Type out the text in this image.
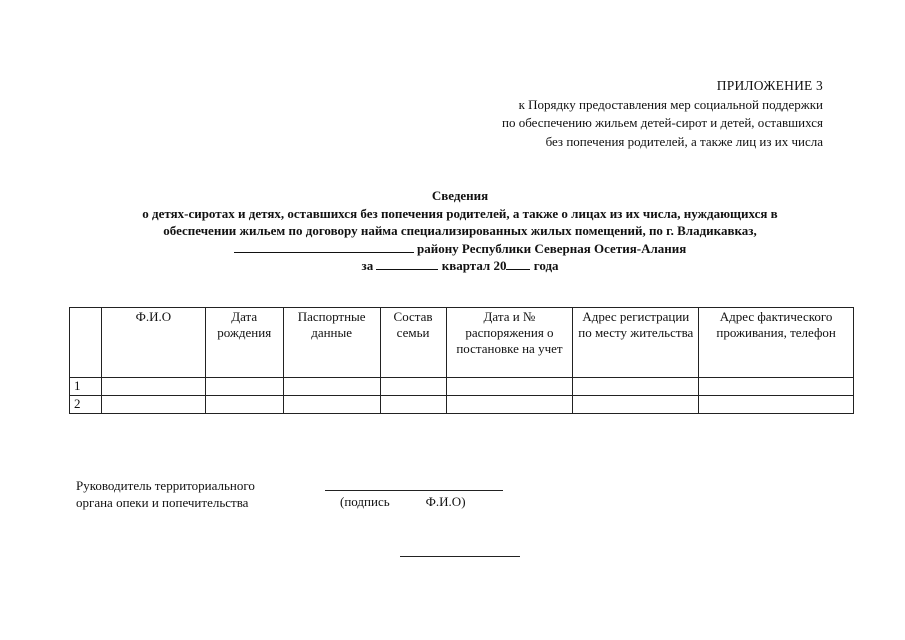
ПРИЛОЖЕНИЕ 3
к Порядку предоставления мер социальной поддержки
по обеспечению жильем детей-сирот и детей, оставшихся
без попечения родителей, а также лиц из их числа
Сведения
о детях-сиротах и детях, оставшихся без попечения родителей, а также о лицах из их числа, нуждающихся в
обеспечении жильем по договору найма специализированных жилых помещений, по г. Владикавказ,
району Республики Северная Осетия-Алания
за	квартал 20 года
	Ф.И.О	Дата рождения	Паспортные данные	Состав семьи	Дата и № распоряжения о постановке на учет	Адрес регистрации по месту жительства	Адрес фактического проживания, телефон
1							
2							
Руководитель территориального
органа опеки и попечительства	(подпись	Ф.И.О)
